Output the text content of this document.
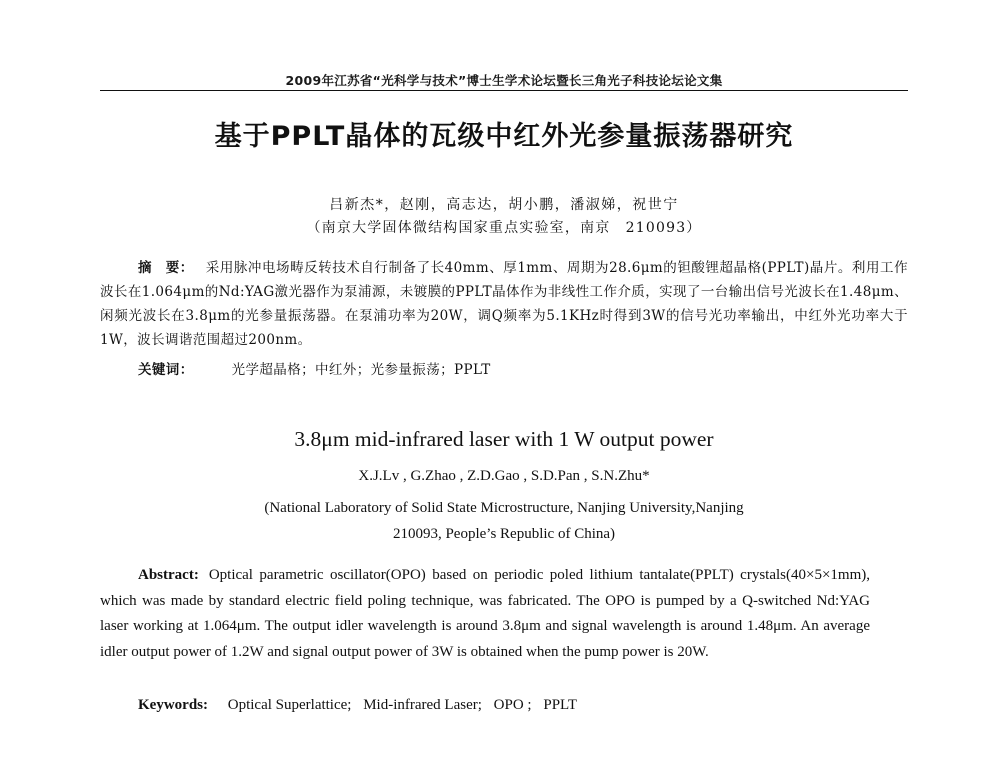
2009年江苏省“光科学与技术”博士生学术论坛暨长三角光子科技论坛论文集
基于PPLT晶体的瓦级中红外光参量振荡器研究
吕新杰*，赵刚，高志达，胡小鹏，潘淑娣，祝世宁
（南京大学固体微结构国家重点实验室，南京　210093）
摘　要： 采用脉冲电场畴反转技术自行制备了长40mm、厚1mm、周期为28.6μm的钽酸锂超晶格(PPLT)晶片。利用工作波长在1.064μm的Nd:YAG激光器作为泵浦源，未镀膜的PPLT晶体作为非线性工作介质，实现了一台输出信号光波长在1.48μm、闲频光波长在3.8μm的光参量振荡器。在泵浦功率为20W，调Q频率为5.1KHz时得到3W的信号光功率输出，中红外光功率大于1W，波长调谐范围超过200nm。
关键词：	光学超晶格；中红外；光参量振荡；PPLT
3.8μm mid-infrared laser with 1 W output power
X.J.Lv , G.Zhao , Z.D.Gao , S.D.Pan , S.N.Zhu*
(National Laboratory of Solid State Microstructure, Nanjing University,Nanjing
210093, People’s Republic of China)
Abstract: Optical parametric oscillator(OPO) based on periodic poled lithium tantalate(PPLT) crystals(40×5×1mm), which was made by standard electric field poling technique, was fabricated. The OPO is pumped by a Q-switched Nd:YAG laser working at 1.064μm. The output idler wavelength is around 3.8μm and signal wavelength is around 1.48μm. An average idler output power of 1.2W and signal output power of 3W is obtained when the pump power is 20W.
Keywords: Optical Superlattice; Mid-infrared Laser; OPO ; PPLT
